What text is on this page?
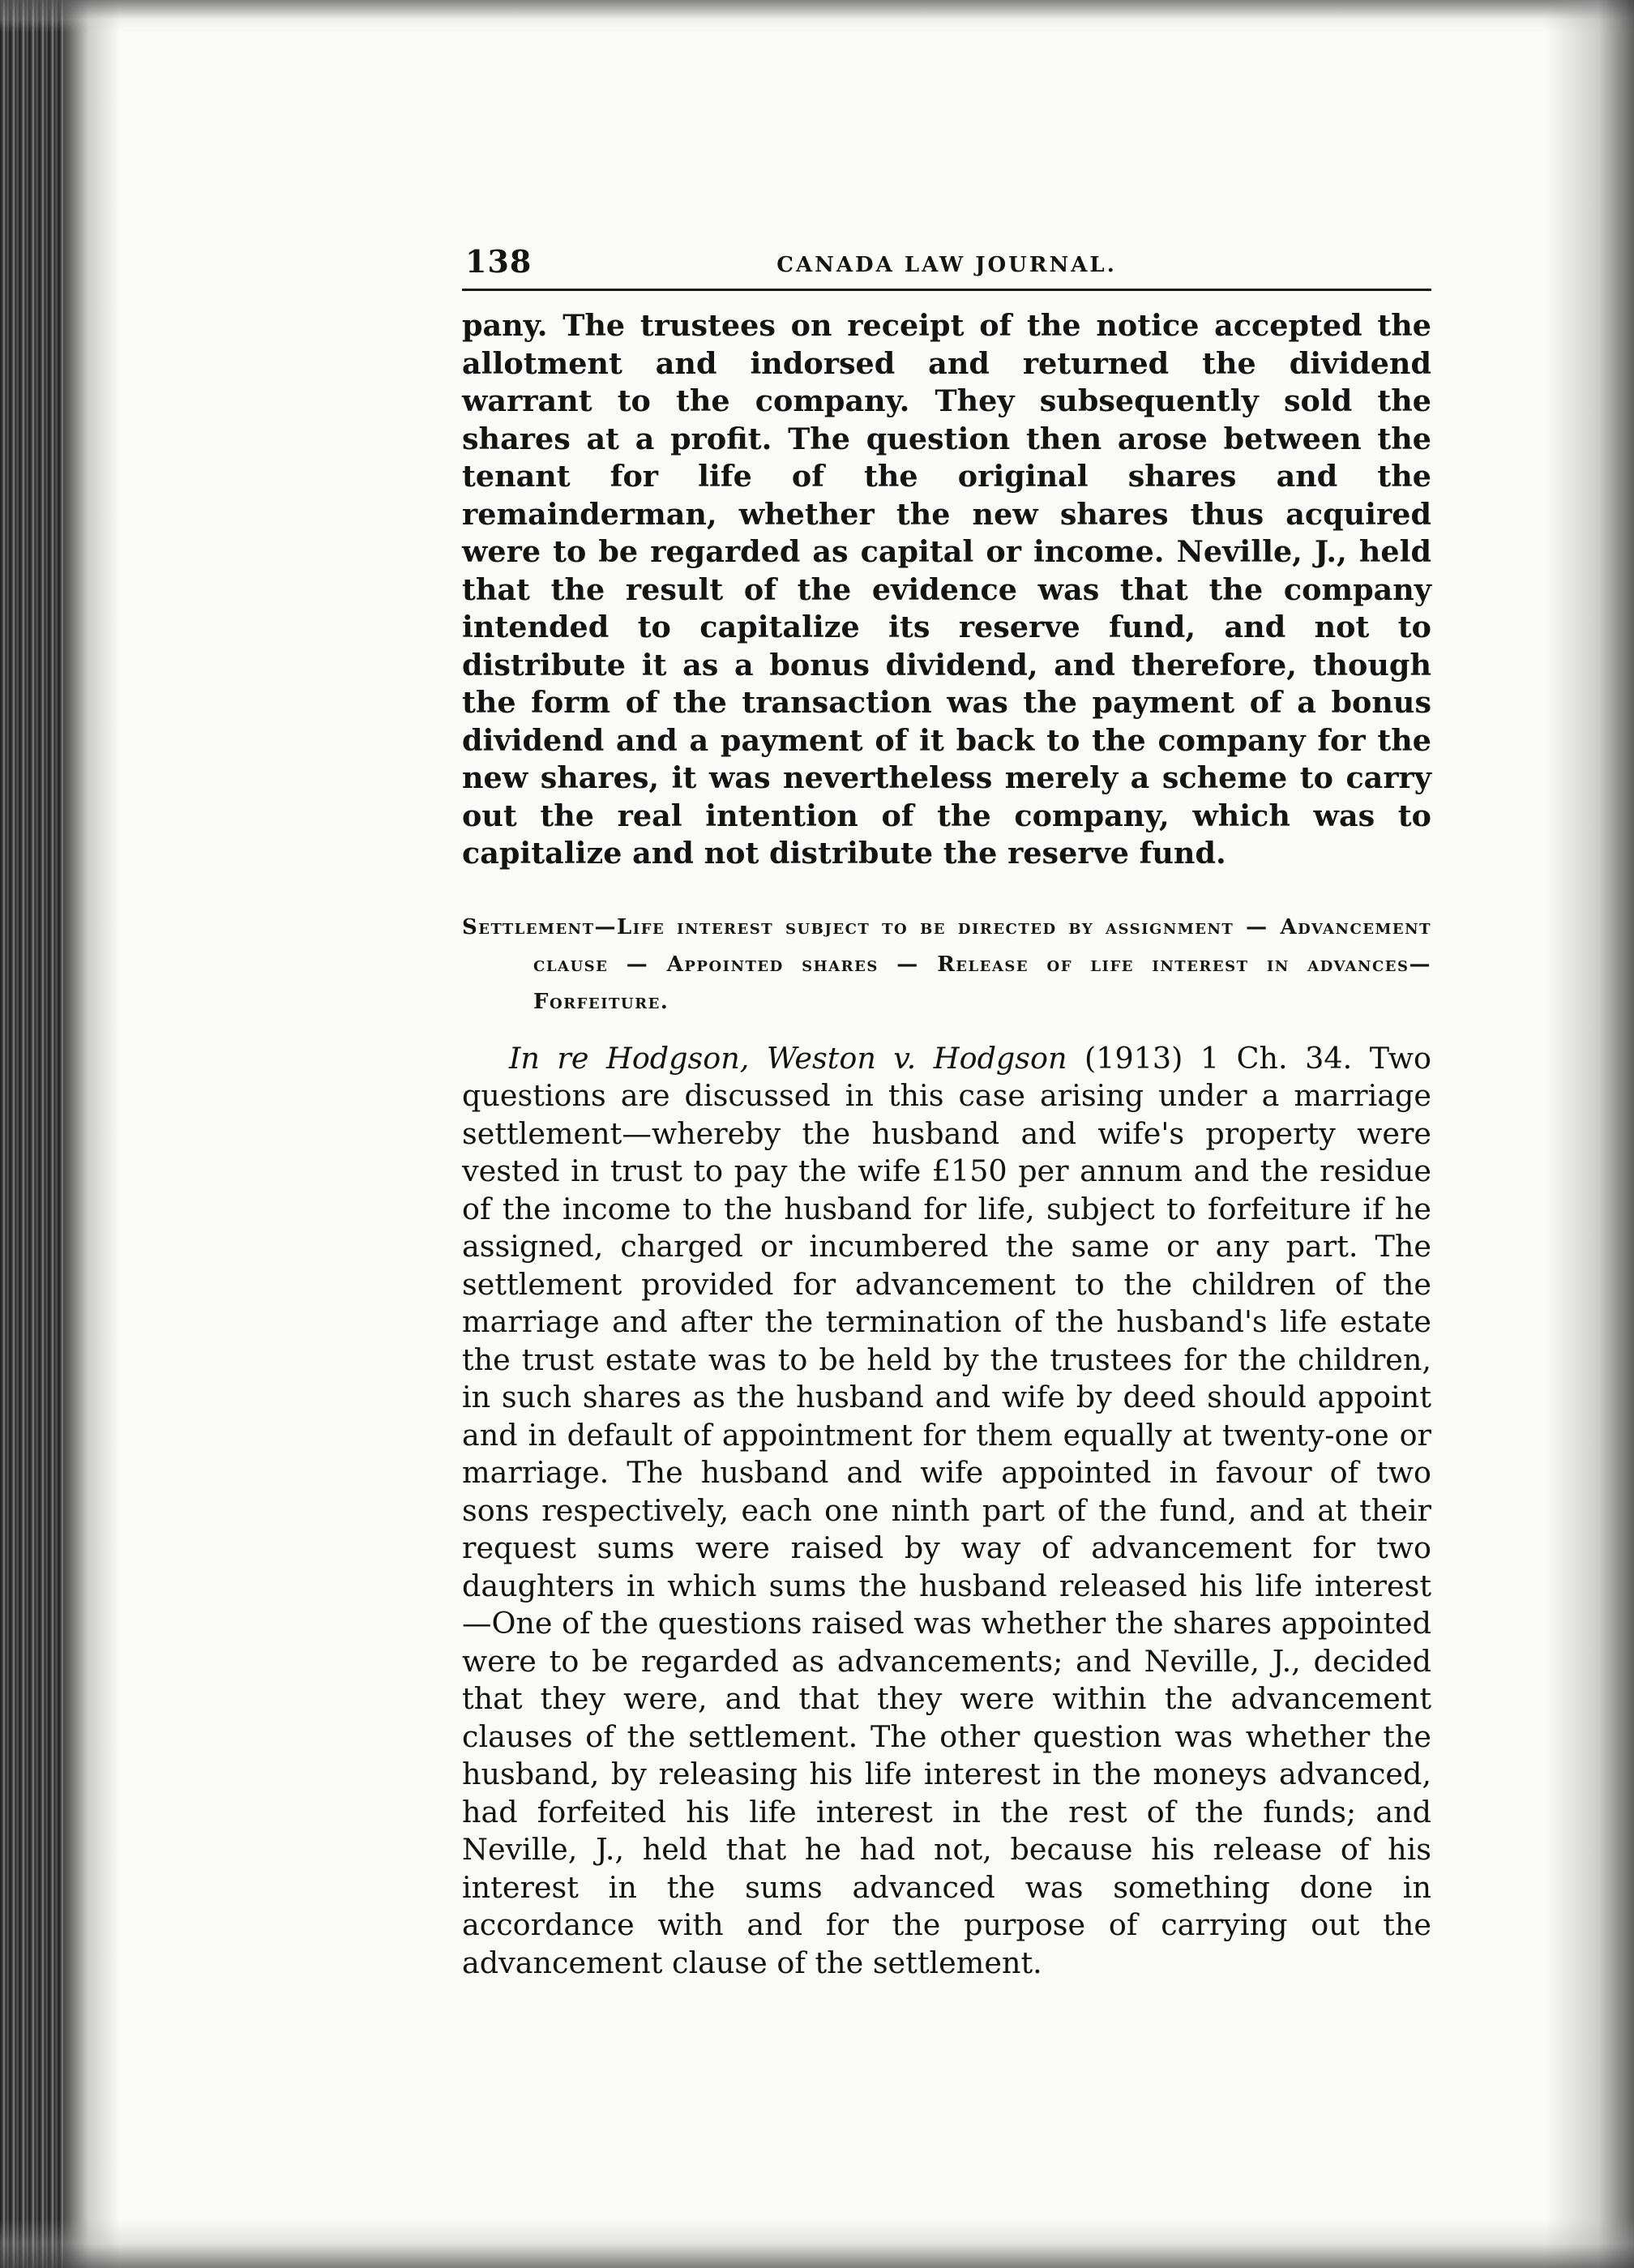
138	CANADA LAW JOURNAL.

pany. The trustees on receipt of the notice accepted the allotment and indorsed and returned the dividend warrant to the company. They subsequently sold the shares at a profit. The question then arose between the tenant for life of the original shares and the remainderman, whether the new shares thus acquired were to be regarded as capital or income. Neville, J., held that the result of the evidence was that the company intended to capitalize its reserve fund, and not to distribute it as a bonus dividend, and therefore, though the form of the transaction was the payment of a bonus dividend and a payment of it back to the company for the new shares, it was nevertheless merely a scheme to carry out the real intention of the company, which was to capitalize and not distribute the reserve fund.

Settlement—Life interest subject to be directed by assignment — Advancement clause — Appointed shares — Release of life interest in advances—Forfeiture.

In re Hodgson, Weston v. Hodgson (1913) 1 Ch. 34. Two questions are discussed in this case arising under a marriage settlement—whereby the husband and wife's property were vested in trust to pay the wife £150 per annum and the residue of the income to the husband for life, subject to forfeiture if he assigned, charged or incumbered the same or any part. The settlement provided for advancement to the children of the marriage and after the termination of the husband's life estate the trust estate was to be held by the trustees for the children, in such shares as the husband and wife by deed should appoint and in default of appointment for them equally at twenty-one or marriage. The husband and wife appointed in favour of two sons respectively, each one ninth part of the fund, and at their request sums were raised by way of advancement for two daughters in which sums the husband released his life interest—One of the questions raised was whether the shares appointed were to be regarded as advancements; and Neville, J., decided that they were, and that they were within the advancement clauses of the settlement. The other question was whether the husband, by releasing his life interest in the moneys advanced, had forfeited his life interest in the rest of the funds; and Neville, J., held that he had not, because his release of his interest in the sums advanced was something done in accordance with and for the purpose of carrying out the advancement clause of the settlement.
